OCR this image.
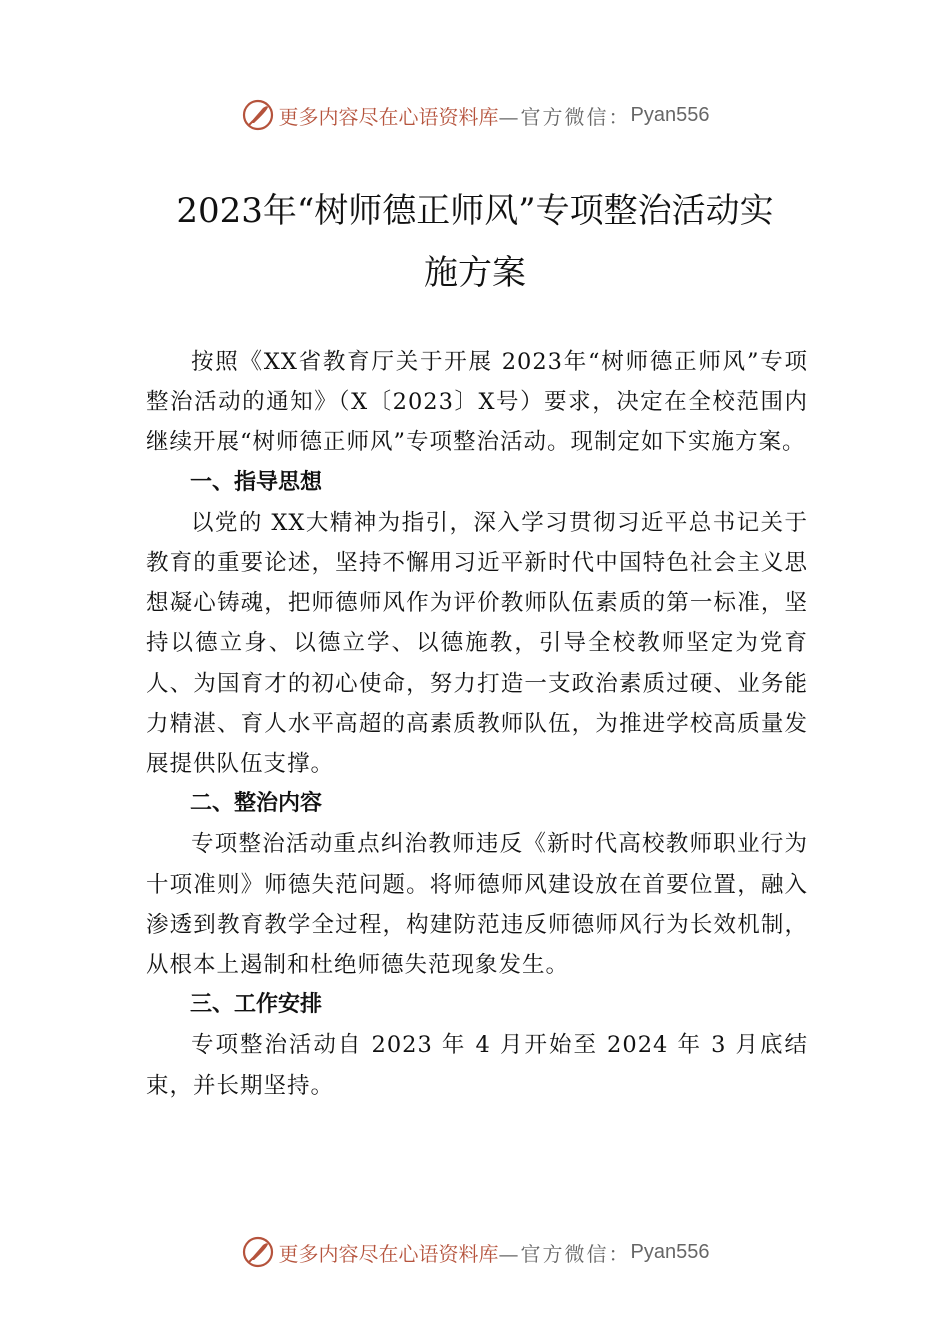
更多内容尽在心语资料库 —官方微信： Pyan556
2023年“树师德正师风”专项整治活动实
施方案

按照《XX省教育厅关于开展 2023年“树师德正师风”专项整治活动的通知》（X〔2023〕X号）要求，决定在全校范围内继续开展“树师德正师风”专项整治活动。现制定如下实施方案。

一、指导思想

以党的 XX大精神为指引，深入学习贯彻习近平总书记关于教育的重要论述，坚持不懈用习近平新时代中国特色社会主义思想凝心铸魂，把师德师风作为评价教师队伍素质的第一标准，坚持以德立身、以德立学、以德施教，引导全校教师坚定为党育人、为国育才的初心使命，努力打造一支政治素质过硬、业务能力精湛、育人水平高超的高素质教师队伍，为推进学校高质量发展提供队伍支撑。

二、整治内容

专项整治活动重点纠治教师违反《新时代高校教师职业行为十项准则》师德失范问题。将师德师风建设放在首要位置，融入渗透到教育教学全过程，构建防范违反师德师风行为长效机制，从根本上遏制和杜绝师德失范现象发生。

三、工作安排

专项整治活动自 2023 年 4 月开始至 2024 年 3 月底结束，并长期坚持。

更多内容尽在心语资料库 —官方微信： Pyan556
